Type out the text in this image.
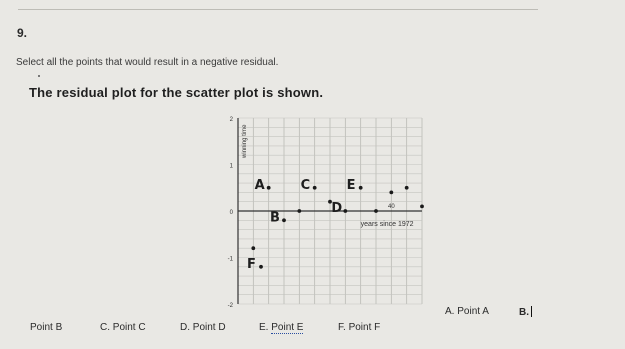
9.
Select all the points that would result in a negative residual.
The residual plot for the scatter plot is shown.
2
1
0
-1
-2
40
years since 1972
winning time
A
B
C
D
E
F
A. Point A	B.
Point B	C. Point C	D. Point D	E. Point E	F. Point F
